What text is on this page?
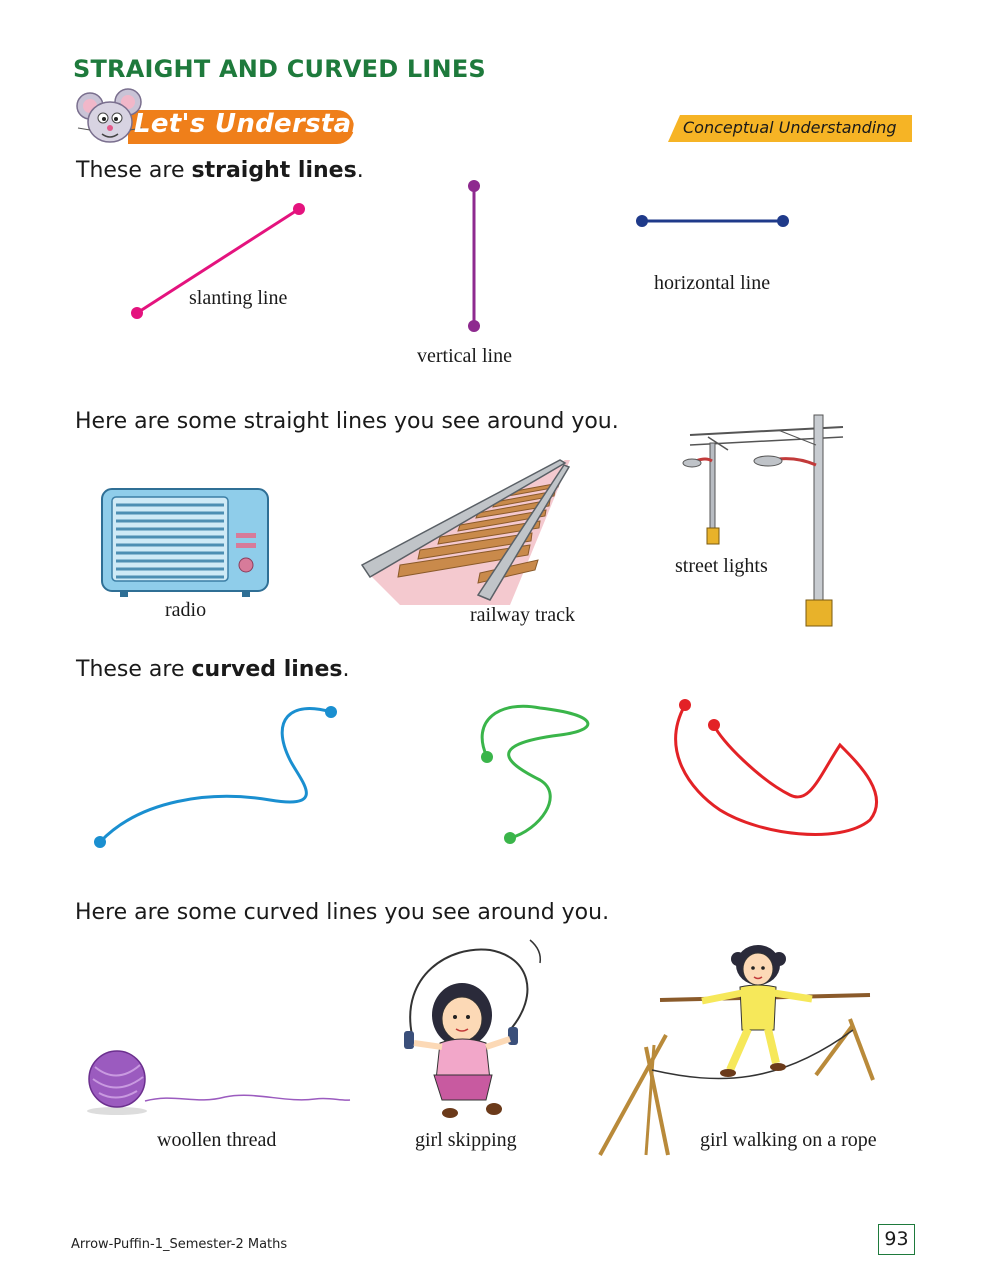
STRAIGHT AND CURVED LINES
Let's Understand	Conceptual Understanding
These are straight lines.
slanting line
vertical line
horizontal line
Here are some straight lines you see around you.
radio	railway track
street lights
These are curved lines.
Here are some curved lines you see around you.
woollen thread	girl skipping	girl walking on a rope
Arrow-Puffin-1_Semester-2 Maths	93
